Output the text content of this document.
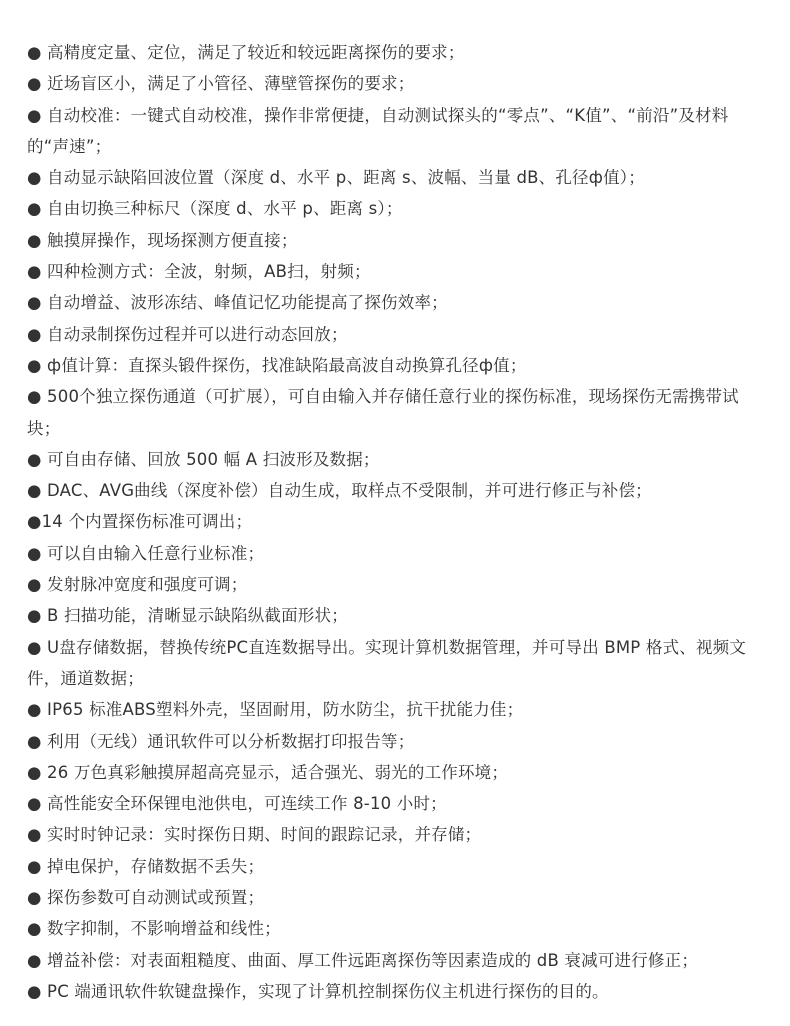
● 高精度定量、定位，满足了较近和较远距离探伤的要求；

● 近场盲区小，满足了小管径、薄壁管探伤的要求；

● 自动校准：一键式自动校准，操作非常便捷，自动测试探头的“零点”、“K值”、“前沿”及材料的“声速”；

● 自动显示缺陷回波位置（深度 d、水平 p、距离 s、波幅、当量 dB、孔径ф值）；

● 自由切换三种标尺（深度 d、水平 p、距离 s）；

● 触摸屏操作，现场探测方便直接；

● 四种检测方式：全波，射频，AB扫，射频；

● 自动增益、波形冻结、峰值记忆功能提高了探伤效率；

● 自动录制探伤过程并可以进行动态回放；

● ф值计算：直探头锻件探伤，找准缺陷最高波自动换算孔径ф值；

● 500个独立探伤通道（可扩展），可自由输入并存储任意行业的探伤标准，现场探伤无需携带试块；

● 可自由存储、回放 500 幅 A 扫波形及数据；

● DAC、AVG曲线（深度补偿）自动生成，取样点不受限制，并可进行修正与补偿；

●14 个内置探伤标准可调出；

● 可以自由输入任意行业标准；

● 发射脉冲宽度和强度可调；

● B 扫描功能，清晰显示缺陷纵截面形状；

● U盘存储数据，替换传统PC直连数据导出。实现计算机数据管理，并可导出 BMP 格式、视频文件，通道数据；

● IP65 标准ABS塑料外壳，坚固耐用，防水防尘，抗干扰能力佳；

● 利用（无线）通讯软件可以分析数据打印报告等；

● 26 万色真彩触摸屏超高亮显示，适合强光、弱光的工作环境；

● 高性能安全环保锂电池供电，可连续工作 8-10 小时；

● 实时时钟记录：实时探伤日期、时间的跟踪记录，并存储；

● 掉电保护，存储数据不丢失；

● 探伤参数可自动测试或预置；

● 数字抑制，不影响增益和线性；

● 增益补偿：对表面粗糙度、曲面、厚工件远距离探伤等因素造成的 dB 衰减可进行修正；

● PC 端通讯软件软键盘操作，实现了计算机控制探伤仪主机进行探伤的目的。
